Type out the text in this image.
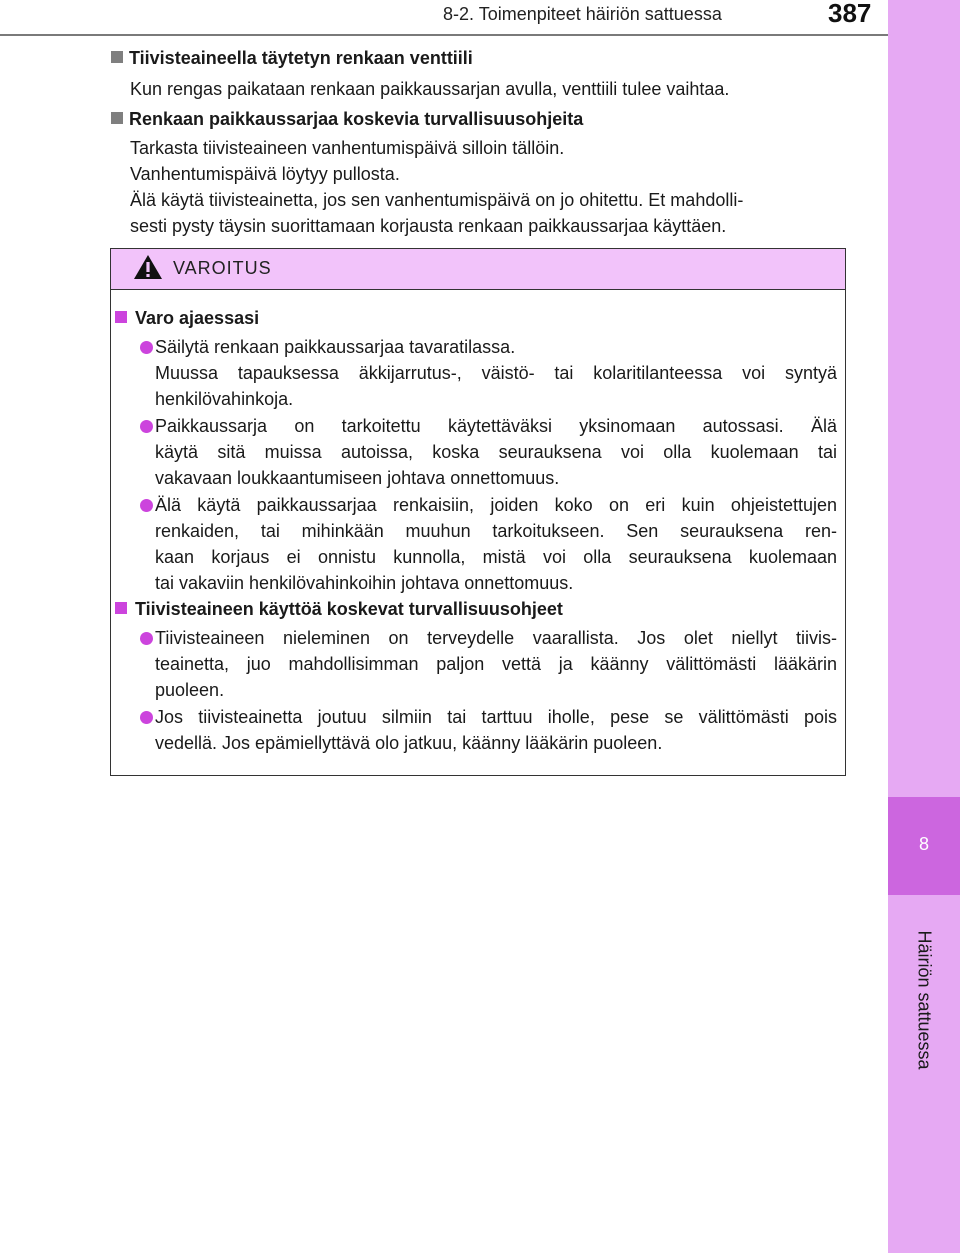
8-2. Toimenpiteet häiriön sattuessa	387
8
Häiriön sattuessa
Tiivisteaineella täytetyn renkaan venttiili
Kun rengas paikataan renkaan paikkaussarjan avulla, venttiili tulee vaihtaa.
Renkaan paikkaussarjaa koskevia turvallisuusohjeita
Tarkasta tiivisteaineen vanhentumispäivä silloin tällöin.
Vanhentumispäivä löytyy pullosta.
Älä käytä tiivisteainetta, jos sen vanhentumispäivä on jo ohitettu. Et mahdolli-
sesti pysty täysin suorittamaan korjausta renkaan paikkaussarjaa käyttäen.
VAROITUS
Varo ajaessasi
Säilytä renkaan paikkaussarjaa tavaratilassa.
Muussa tapauksessa äkkijarrutus-, väistö- tai kolaritilanteessa voi syntyä
henkilövahinkoja.
Paikkaussarja on tarkoitettu käytettäväksi yksinomaan autossasi. Älä
käytä sitä muissa autoissa, koska seurauksena voi olla kuolemaan tai
vakavaan loukkaantumiseen johtava onnettomuus.
Älä käytä paikkaussarjaa renkaisiin, joiden koko on eri kuin ohjeistettujen
renkaiden, tai mihinkään muuhun tarkoitukseen. Sen seurauksena ren-
kaan korjaus ei onnistu kunnolla, mistä voi olla seurauksena kuolemaan
tai vakaviin henkilövahinkoihin johtava onnettomuus.
Tiivisteaineen käyttöä koskevat turvallisuusohjeet
Tiivisteaineen nieleminen on terveydelle vaarallista. Jos olet niellyt tiivis-
teainetta, juo mahdollisimman paljon vettä ja käänny välittömästi lääkärin
puoleen.
Jos tiivisteainetta joutuu silmiin tai tarttuu iholle, pese se välittömästi pois
vedellä. Jos epämiellyttävä olo jatkuu, käänny lääkärin puoleen.
